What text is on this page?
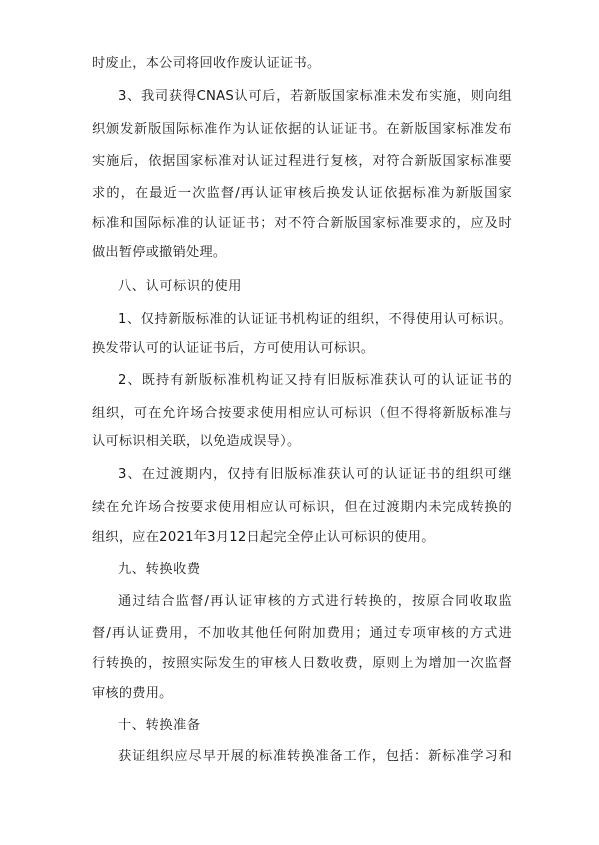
时废止，本公司将回收作废认证证书。
3、我司获得CNAS认可后，若新版国家标准未发布实施，则向组
织颁发新版国际标准作为认证依据的认证证书。在新版国家标准发布
实施后，依据国家标准对认证过程进行复核，对符合新版国家标准要
求的，在最近一次监督/再认证审核后换发认证依据标准为新版国家
标准和国际标准的认证证书；对不符合新版国家标准要求的，应及时
做出暂停或撤销处理。
八、认可标识的使用
1、仅持新版标准的认证证书机构证的组织，不得使用认可标识。
换发带认可的认证证书后，方可使用认可标识。
2、既持有新版标准机构证又持有旧版标准获认可的认证证书的
组织，可在允许场合按要求使用相应认可标识（但不得将新版标准与
认可标识相关联，以免造成误导）。
3、在过渡期内，仅持有旧版标准获认可的认证证书的组织可继
续在允许场合按要求使用相应认可标识，但在过渡期内未完成转换的
组织，应在2021年3月12日起完全停止认可标识的使用。
九、转换收费
通过结合监督/再认证审核的方式进行转换的，按原合同收取监
督/再认证费用，不加收其他任何附加费用；通过专项审核的方式进
行转换的，按照实际发生的审核人日数收费，原则上为增加一次监督
审核的费用。
十、转换准备
获证组织应尽早开展的标准转换准备工作，包括：新标准学习和
